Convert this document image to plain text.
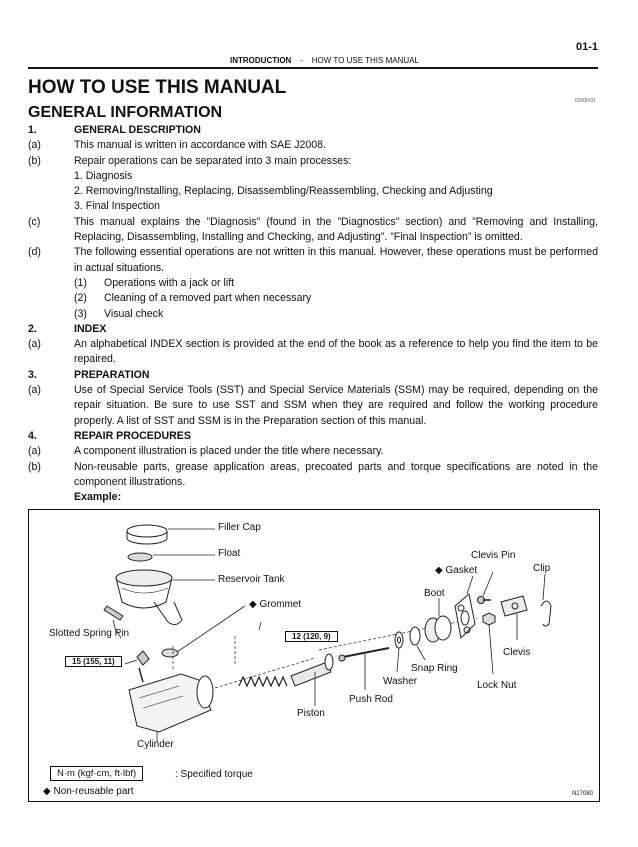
01-1
INTRODUCTION - HOW TO USE THIS MANUAL
HOW TO USE THIS MANUAL
GENERAL INFORMATION
01000-01
1.	GENERAL DESCRIPTION
(a)	This manual is written in accordance with SAE J2008.
(b)	Repair operations can be separated into 3 main processes:
1. Diagnosis
2. Removing/Installing, Replacing, Disassembling/Reassembling, Checking and Adjusting
3. Final Inspection
(c)	This manual explains the ”Diagnosis” (found in the ”Diagnostics” section) and ”Removing and Installing, Replacing, Disassembling, Installing and Checking, and Adjusting”. ”Final Inspection” is omitted.
(d)	The following essential operations are not written in this manual. However, these operations must be performed in actual situations.
(1)	Operations with a jack or lift
(2)	Cleaning of a removed part when necessary
(3)	Visual check
2.	INDEX
(a)	An alphabetical INDEX section is provided at the end of the book as a reference to help you find the item to be repaired.
3.	PREPARATION
(a)	Use of Special Service Tools (SST) and Special Service Materials (SSM) may be required, depending on the repair situation. Be sure to use SST and SSM when they are required and follow the working procedure properly. A list of SST and SSM is in the Preparation section of this manual.
4.	REPAIR PROCEDURES
(a)	A component illustration is placed under the title where necessary.
(b)	Non-reusable parts, grease application areas, precoated parts and torque specifications are noted in the component illustrations.
Example:
Filler Cap
Float
Reservoir Tank
◆ Grommet
Slotted Spring Pin
Cylinder
Piston
Push Rod
Washer
Snap Ring
Boot
◆ Gasket
Clevis Pin
Clip
Clevis
Lock Nut
12 (120, 9)
15 (155, 11)
N·m (kgf·cm, ft·lbf)	: Specified torque
◆ Non-reusable part	N17080
